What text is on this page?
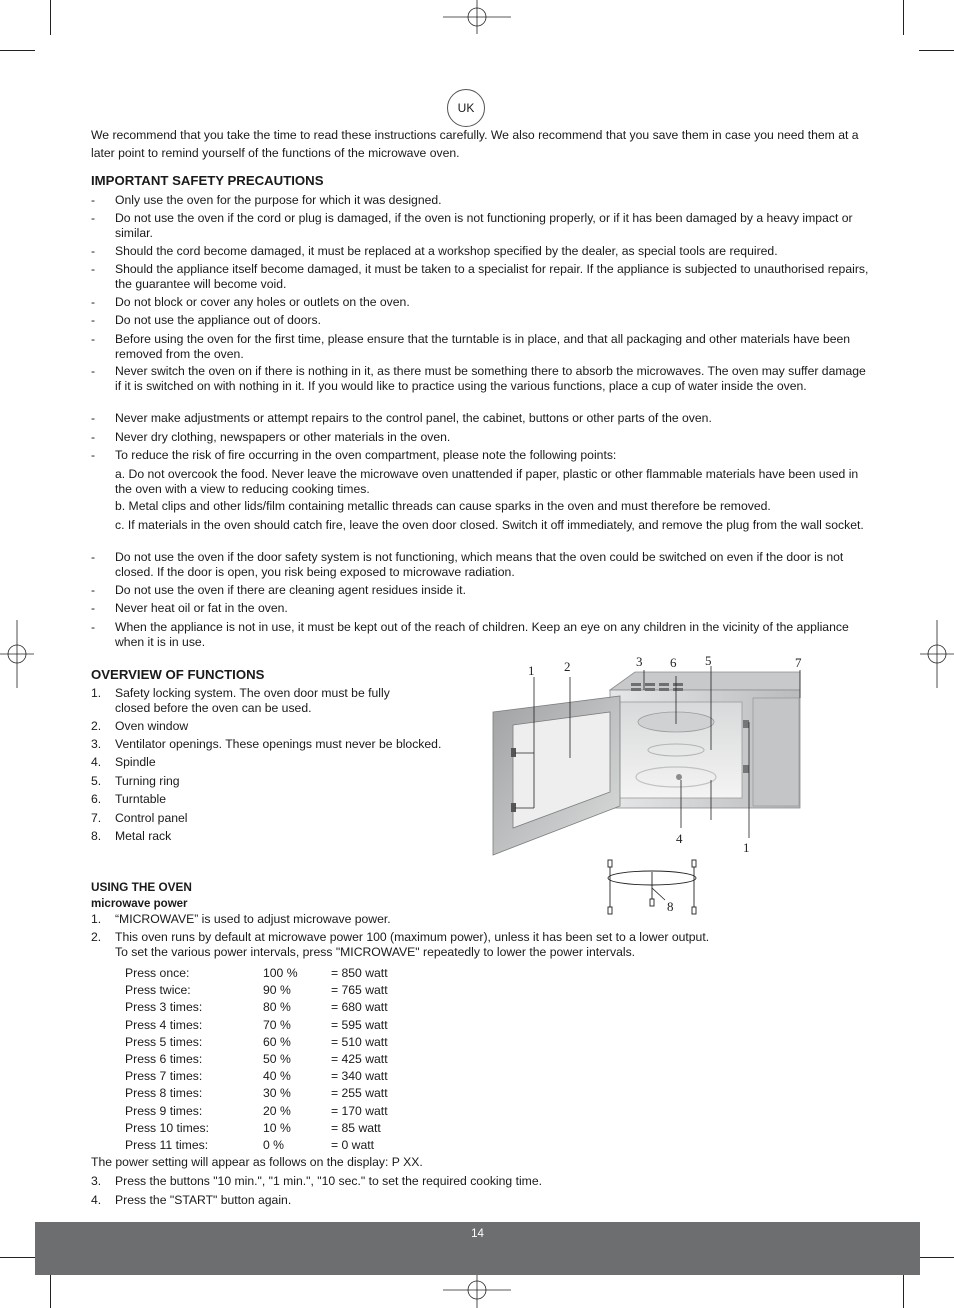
UK
We recommend that you take the time to read these instructions carefully. We also recommend that you save them in case you need them at a later point to remind yourself of the functions of the microwave oven.
IMPORTANT SAFETY PRECAUTIONS
-	Only use the oven for the purpose for which it was designed.
-	Do not use the oven if the cord or plug is damaged, if the oven is not functioning properly, or if it has been damaged by a heavy impact or similar.
-	Should the cord become damaged, it must be replaced at a workshop specified by the dealer, as special tools are required.
-	Should the appliance itself become damaged, it must be taken to a specialist for repair. If the appliance is subjected to unauthorised repairs, the guarantee will become void.
-	Do not block or cover any holes or outlets on the oven.
-	Do not use the appliance out of doors.
-	Before using the oven for the first time, please ensure that the turntable is in place, and that all packaging and other materials have been removed from the oven.
-	Never switch the oven on if there is nothing in it, as there must be something there to absorb the microwaves. The oven may suffer damage if it is switched on with nothing in it. If you would like to practice using the various functions, place a cup of water inside the oven.
-	Never make adjustments or attempt repairs to the control panel, the cabinet, buttons or other parts of the oven.
-	Never dry clothing, newspapers or other materials in the oven.
-	To reduce the risk of fire occurring in the oven compartment, please note the following points:
a. Do not overcook the food. Never leave the microwave oven unattended if paper, plastic or other flammable materials have been used in the oven with a view to reducing cooking times.
b. Metal clips and other lids/film containing metallic threads can cause sparks in the oven and must therefore be removed.
c. If materials in the oven should catch fire, leave the oven door closed. Switch it off immediately, and remove the plug from the wall socket.
-	Do not use the oven if the door safety system is not functioning, which means that the oven could be switched on even if the door is not closed. If the door is open, you risk being exposed to microwave radiation.
-	Do not use the oven if there are cleaning agent residues inside it.
-	Never heat oil or fat in the oven.
-	When the appliance is not in use, it must be kept out of the reach of children. Keep an eye on any children in the vicinity of the appliance when it is in use.
OVERVIEW OF FUNCTIONS
1.	Safety locking system. The oven door must be fully closed before the oven can be used.
2.	Oven window
3.	Ventilator openings. These openings must never be blocked.
4.	Spindle
5.	Turning ring
6.	Turntable
7.	Control panel
8.	Metal rack
1 2	3 6 5	7
4
1
8
USING THE OVEN
microwave power
1.	“MICROWAVE” is used to adjust microwave power.
2.	This oven runs by default at microwave power 100 (maximum power), unless it has been set to a lower output.
To set the various power intervals, press "MICROWAVE" repeatedly to lower the power intervals.
Press once:	100 %	= 850 watt
Press twice:	90 %	= 765 watt
Press 3 times:	80 %	= 680 watt
Press 4 times:	70 %	= 595 watt
Press 5 times:	60 %	= 510 watt
Press 6 times:	50 %	= 425 watt
Press 7 times:	40 %	= 340 watt
Press 8 times:	30 %	= 255 watt
Press 9 times:	20 %	= 170 watt
Press 10 times:	10 %	= 85 watt
Press 11 times:	0 %	= 0 watt
The power setting will appear as follows on the display: P XX.
3.	Press the buttons "10 min.", "1 min.", "10 sec." to set the required cooking time.
4.	Press the "START" button again.
14
